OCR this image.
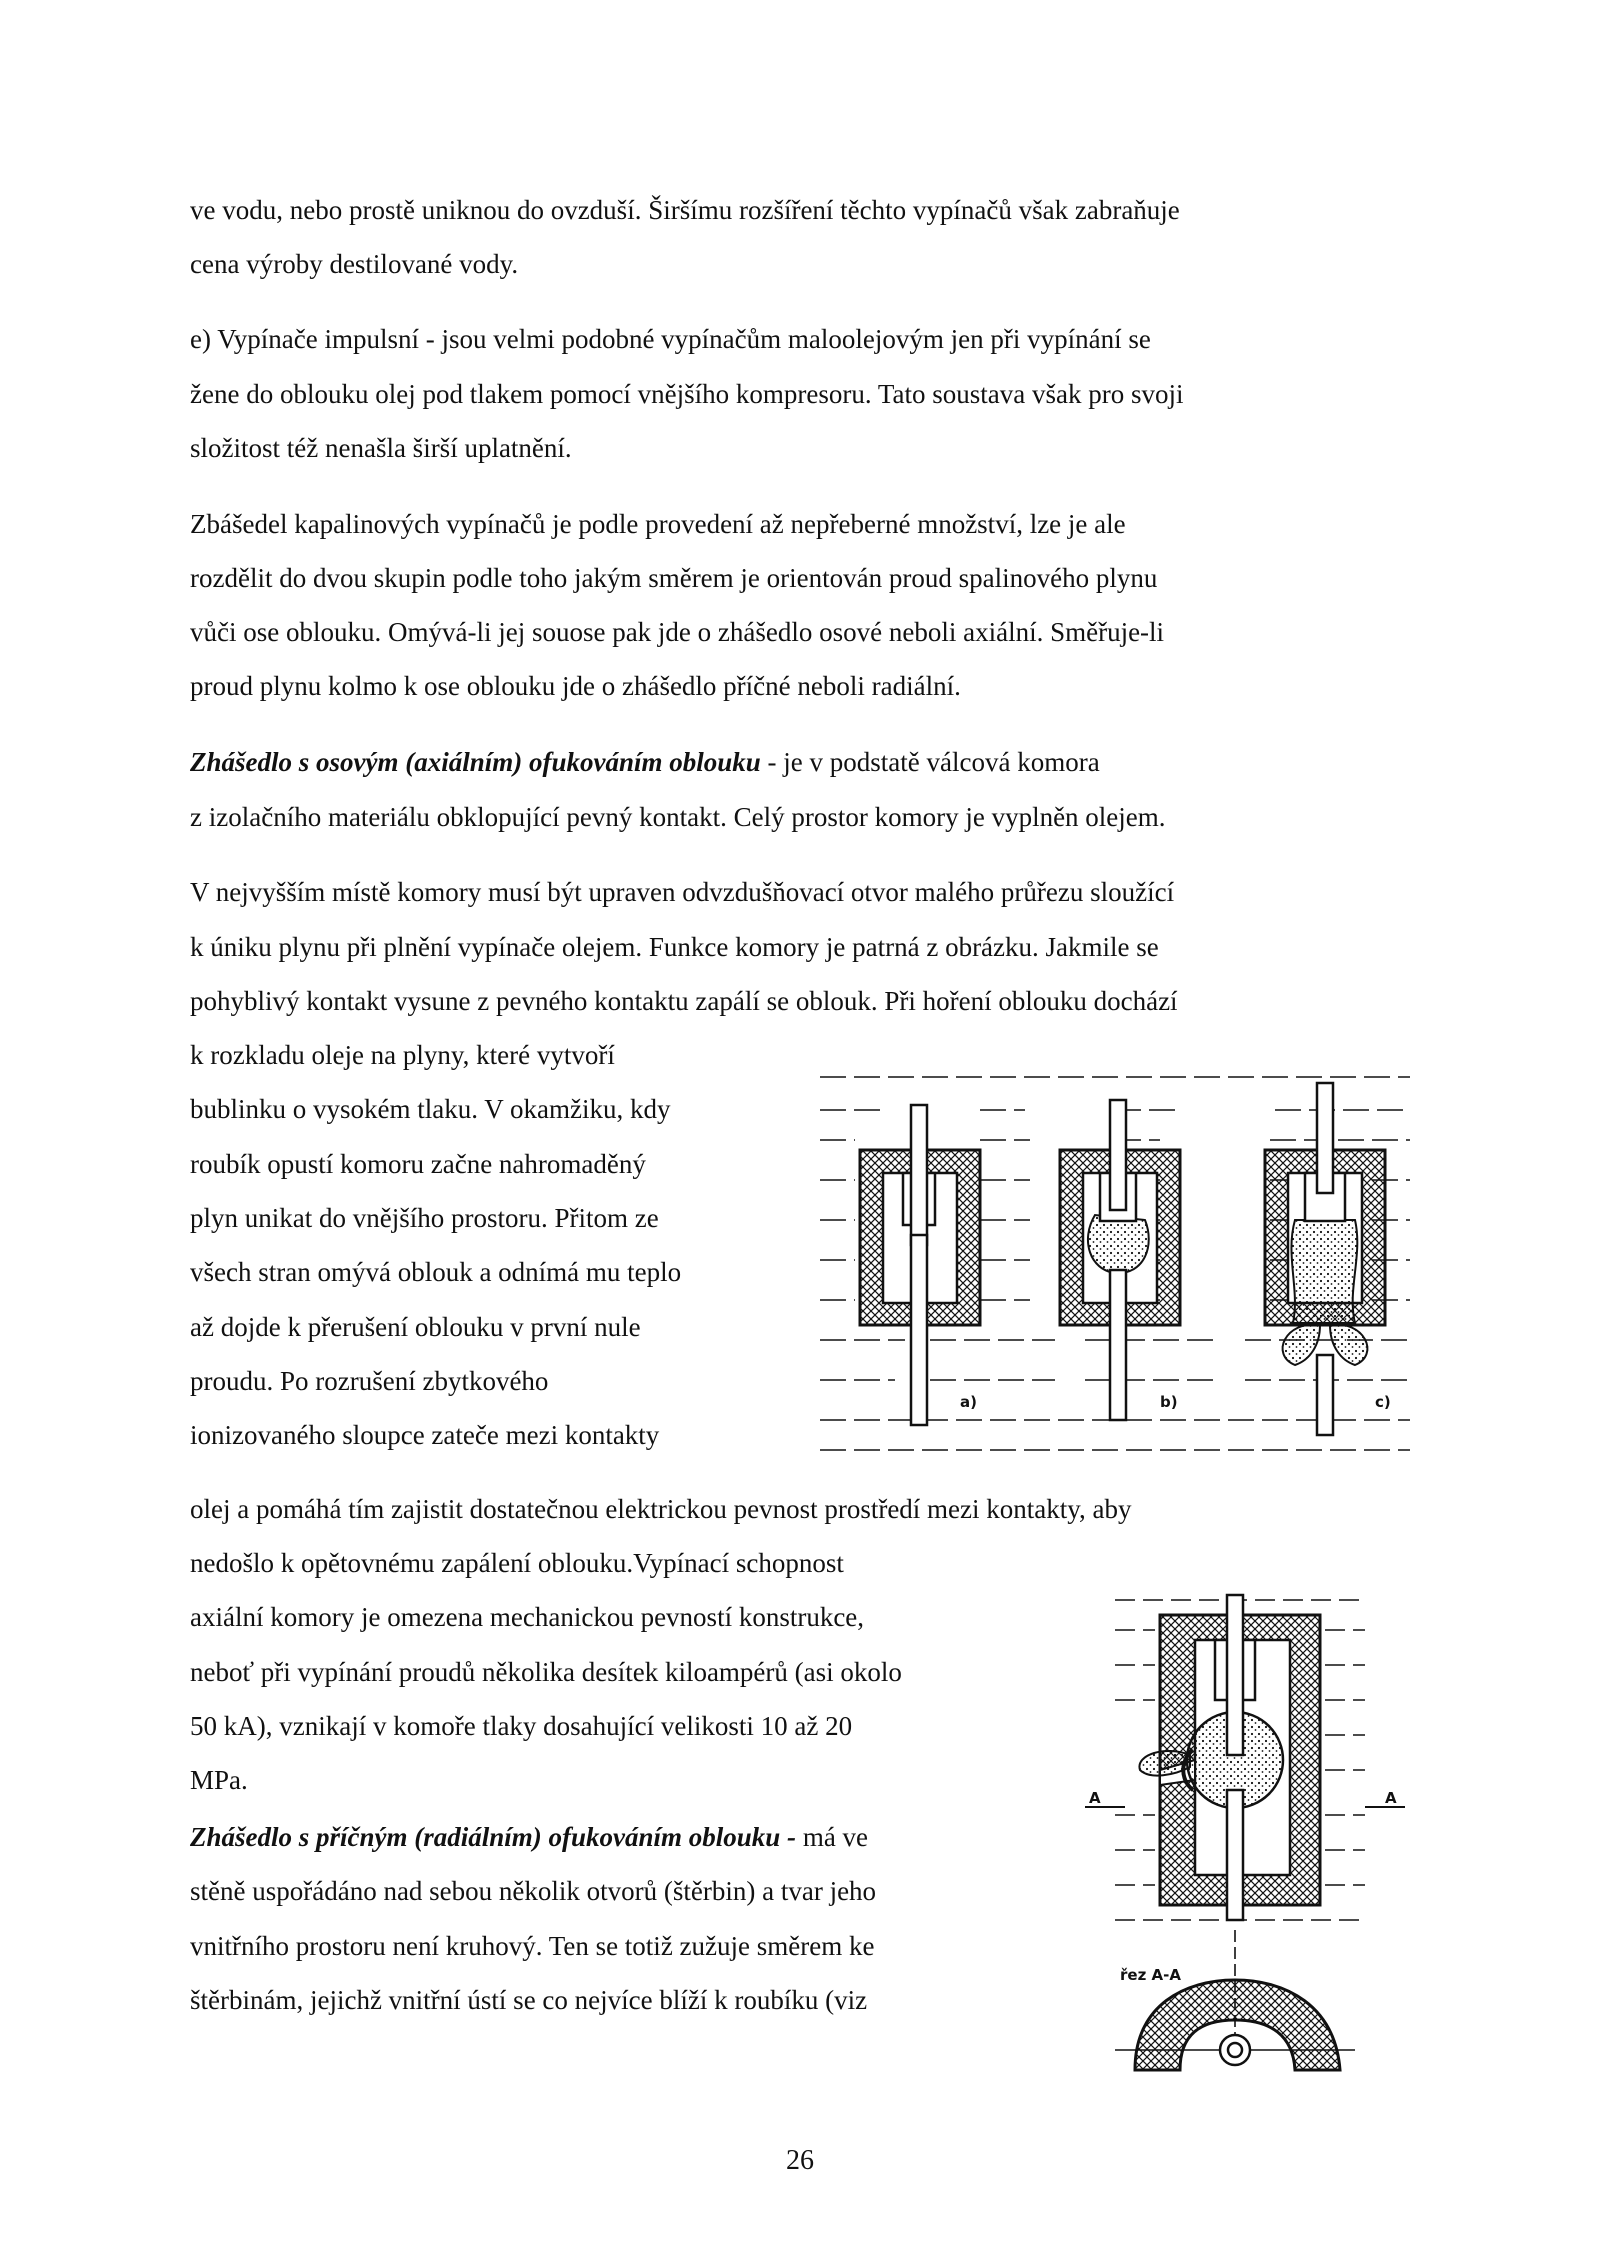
ve vodu, nebo prostě uniknou do ovzduší. Širšímu rozšíření těchto vypínačů však zabraňuje
cena výroby destilované vody.
e) Vypínače impulsní - jsou velmi podobné vypínačům maloolejovým jen při vypínání se
žene do oblouku olej pod tlakem pomocí vnějšího kompresoru. Tato soustava však pro svoji
složitost též nenašla širší uplatnění.
Zbášedel kapalinových vypínačů je podle provedení až nepřeberné množství, lze je ale
rozdělit do dvou skupin podle toho jakým směrem je orientován proud spalinového plynu
vůči ose oblouku. Omývá-li jej souose pak jde o zhášedlo osové neboli axiální. Směřuje-li
proud plynu kolmo k ose oblouku jde o zhášedlo příčné neboli radiální.
Zhášedlo s osovým (axiálním) ofukováním oblouku - je v podstatě válcová komora
z izolačního materiálu obklopující pevný kontakt. Celý prostor komory je vyplněn olejem.
V nejvyšším místě komory musí být upraven odvzdušňovací otvor malého průřezu sloužící
k úniku plynu při plnění vypínače olejem. Funkce komory je patrná z obrázku. Jakmile se
pohyblivý kontakt vysune z pevného kontaktu zapálí se oblouk. Při hoření oblouku dochází
k rozkladu oleje na plyny, které vytvoří
bublinku o vysokém tlaku. V okamžiku, kdy
roubík opustí komoru začne nahromaděný
plyn unikat do vnějšího prostoru. Přitom ze
všech stran omývá oblouk a odnímá mu teplo
až dojde k přerušení oblouku v první nule
proudu. Po rozrušení zbytkového
ionizovaného sloupce zateče mezi kontakty
olej a pomáhá tím zajistit dostatečnou elektrickou pevnost prostředí mezi kontakty, aby
nedošlo k opětovnému zapálení oblouku.Vypínací schopnost
axiální komory je omezena mechanickou pevností konstrukce,
neboť při vypínání proudů několika desítek kiloampérů (asi okolo
50 kA), vznikají v komoře tlaky dosahující velikosti 10 až 20
MPa.
Zhášedlo s příčným (radiálním) ofukováním oblouku - má ve
stěně uspořádáno nad sebou několik otvorů (štěrbin) a tvar jeho
vnitřního prostoru není kruhový. Ten se totiž zužuje směrem ke
štěrbinám, jejichž vnitřní ústí se co nejvíce blíží k roubíku (viz
a)	b)	c)
A	A
řez A-A
26
